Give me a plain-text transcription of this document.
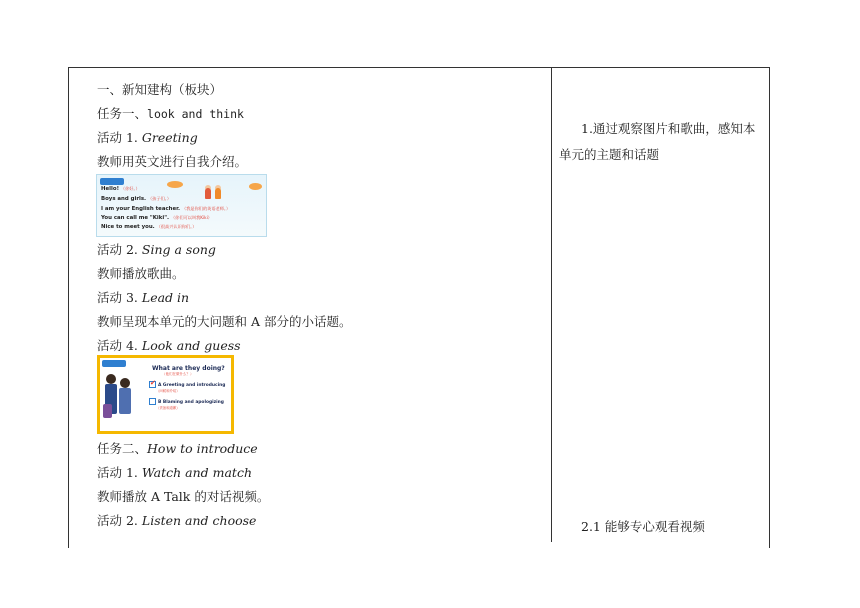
一、新知建构（板块）
任务一、look and think
活动 1. Greeting
教师用英文进行自我介绍。
Hello! （你好。）
Boys and girls. （孩子们。）
I am your English teacher. （我是你们的英语老师。）
You can call me "Kiki". （你们可以叫我Kiki）
Nice to meet you. （很高兴认识你们。）
活动 2. Sing a song
教师播放歌曲。
活动 3. Lead in
教师呈现本单元的大问题和 A 部分的小话题。
活动 4. Look and guess
What are they doing?
（他们在做什么？）
✔ A Greeting and introducing
（问候和介绍）
B Blaming and apologizing
（责备和道歉）
任务二、How to introduce
活动 1. Watch and match
教师播放 A Talk 的对话视频。
活动 2. Listen and choose
1.通过观察图片和歌曲，感知本单元的主题和话题
2.1 能够专心观看视频
